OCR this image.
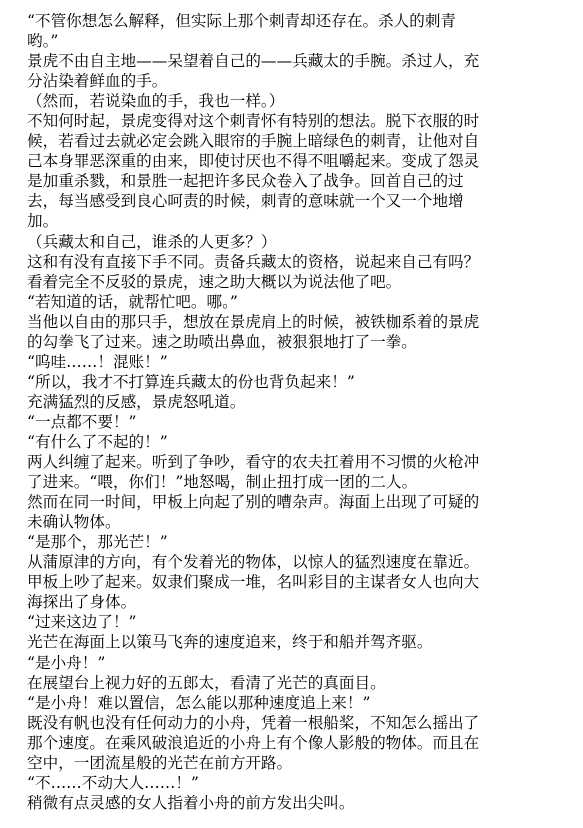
“不管你想怎么解释，但实际上那个刺青却还存在。杀人的刺青
哟。”
景虎不由自主地——呆望着自己的——兵藏太的手腕。杀过人，充
分沾染着鲜血的手。
（然而，若说染血的手，我也一样。）
不知何时起，景虎变得对这个刺青怀有特别的想法。脱下衣服的时
候，若看过去就必定会跳入眼帘的手腕上暗绿色的刺青，让他对自
己本身罪恶深重的由来，即使讨厌也不得不咀嚼起来。变成了怨灵
是加重杀戮，和景胜一起把许多民众卷入了战争。回首自己的过
去，每当感受到良心呵责的时候，刺青的意味就一个又一个地增
加。
（兵藏太和自己，谁杀的人更多？）
这和有没有直接下手不同。责备兵藏太的资格，说起来自己有吗？
看着完全不反驳的景虎，速之助大概以为说法他了吧。
“若知道的话，就帮忙吧。哪。”
当他以自由的那只手，想放在景虎肩上的时候，被铁枷系着的景虎
的勾拳飞了过来。速之助喷出鼻血，被狠狠地打了一拳。
“呜哇……！混账！”
“所以，我才不打算连兵藏太的份也背负起来！”
充满猛烈的反感，景虎怒吼道。
“一点都不要！”
“有什么了不起的！”
两人纠缠了起来。听到了争吵，看守的农夫扛着用不习惯的火枪冲
了进来。“喂，你们！”地怒喝，制止扭打成一团的二人。
然而在同一时间，甲板上向起了别的嘈杂声。海面上出现了可疑的
未确认物体。
“是那个，那光芒！”
从蒲原津的方向，有个发着光的物体，以惊人的猛烈速度在靠近。
甲板上吵了起来。奴隶们聚成一堆，名叫彩目的主谋者女人也向大
海探出了身体。
“过来这边了！”
光芒在海面上以策马飞奔的速度追来，终于和船并驾齐驱。
“是小舟！”
在展望台上视力好的五郎太，看清了光芒的真面目。
“是小舟！难以置信，怎么能以那种速度追上来！”
既没有帆也没有任何动力的小舟，凭着一根船桨，不知怎么摇出了
那个速度。在乘风破浪追近的小舟上有个像人影般的物体。而且在
空中，一团流星般的光芒在前方开路。
“不……不动大人……！”
稍微有点灵感的女人指着小舟的前方发出尖叫。
